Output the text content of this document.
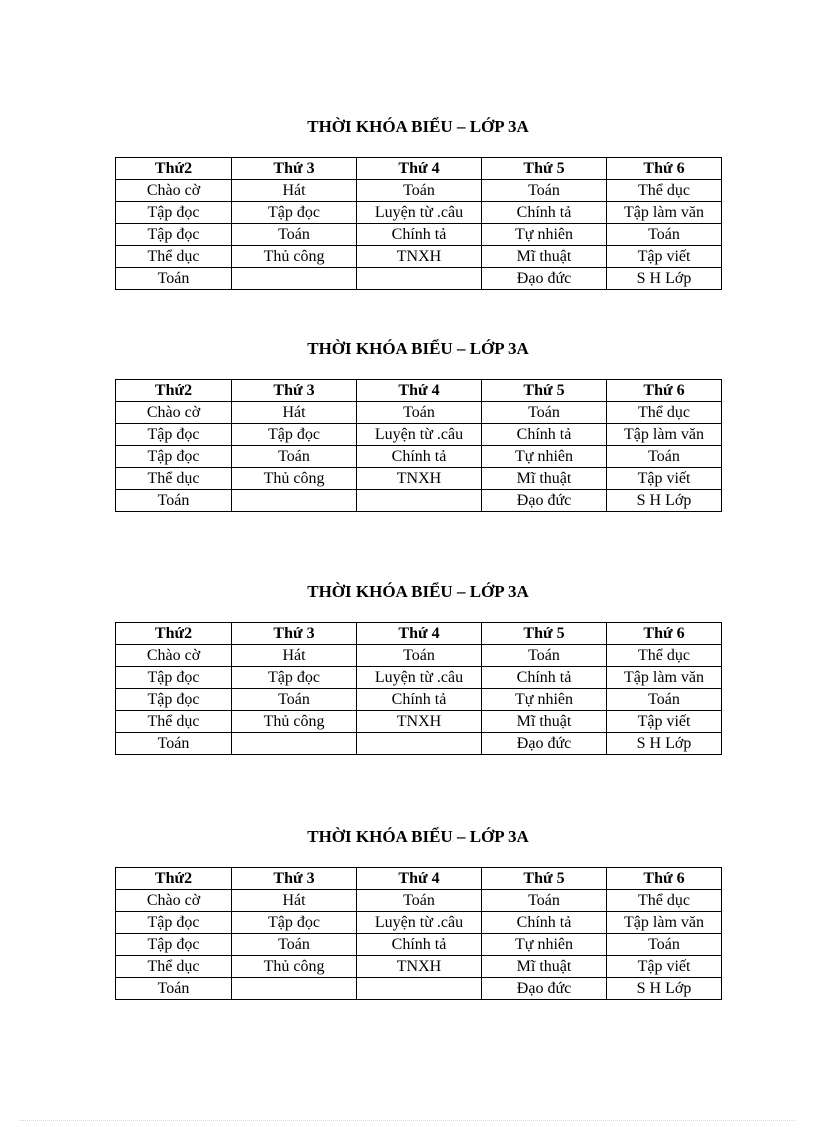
THỜI KHÓA BIỂU – LỚP 3A
Thứ2	Thứ 3	Thứ 4	Thứ 5	Thứ 6
Chào cờ	Hát	Toán	Toán	Thể dục
Tập đọc	Tập đọc	Luyện từ .câu	Chính tả	Tập làm văn
Tập đọc	Toán	Chính tả	Tự nhiên	Toán
Thể dục	Thủ công	TNXH	Mĩ thuật	Tập viết
Toán			Đạo đức	S H Lớp
THỜI KHÓA BIỂU – LỚP 3A
Thứ2	Thứ 3	Thứ 4	Thứ 5	Thứ 6
Chào cờ	Hát	Toán	Toán	Thể dục
Tập đọc	Tập đọc	Luyện từ .câu	Chính tả	Tập làm văn
Tập đọc	Toán	Chính tả	Tự nhiên	Toán
Thể dục	Thủ công	TNXH	Mĩ thuật	Tập viết
Toán			Đạo đức	S H Lớp
THỜI KHÓA BIỂU – LỚP 3A
Thứ2	Thứ 3	Thứ 4	Thứ 5	Thứ 6
Chào cờ	Hát	Toán	Toán	Thể dục
Tập đọc	Tập đọc	Luyện từ .câu	Chính tả	Tập làm văn
Tập đọc	Toán	Chính tả	Tự nhiên	Toán
Thể dục	Thủ công	TNXH	Mĩ thuật	Tập viết
Toán			Đạo đức	S H Lớp
THỜI KHÓA BIỂU – LỚP 3A
Thứ2	Thứ 3	Thứ 4	Thứ 5	Thứ 6
Chào cờ	Hát	Toán	Toán	Thể dục
Tập đọc	Tập đọc	Luyện từ .câu	Chính tả	Tập làm văn
Tập đọc	Toán	Chính tả	Tự nhiên	Toán
Thể dục	Thủ công	TNXH	Mĩ thuật	Tập viết
Toán			Đạo đức	S H Lớp
